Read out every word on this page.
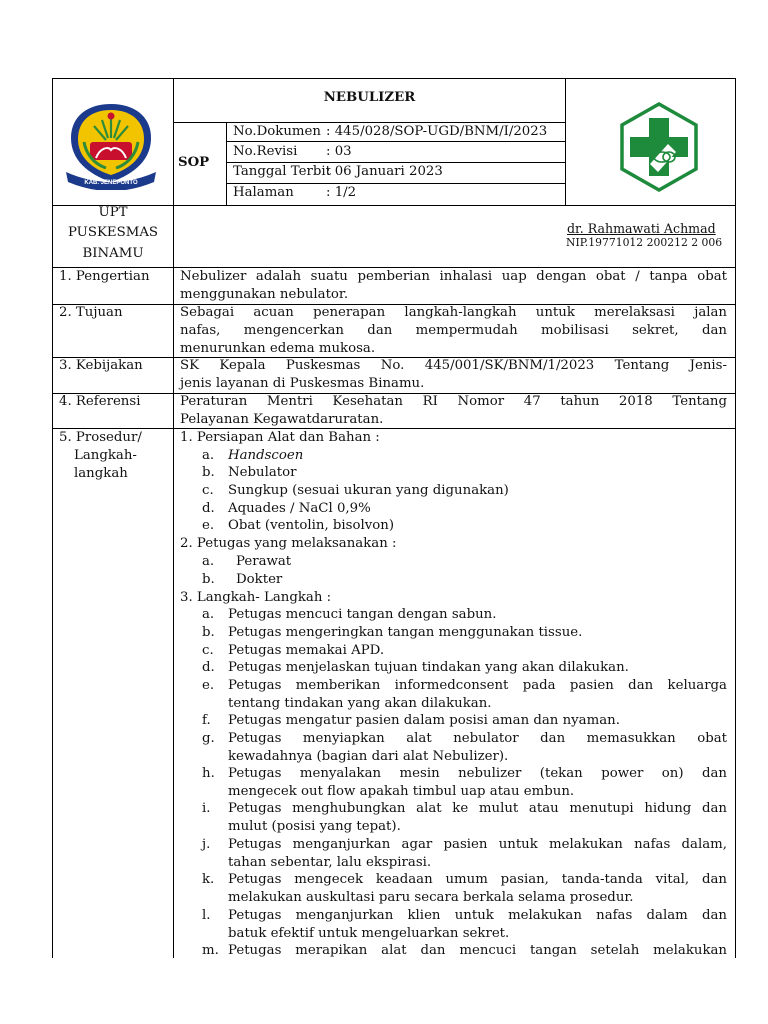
KAB. JENEPONTO
NEBULIZER
SOP
No.Dokumen : 445/028/SOP-UGD/BNM/I/2023
No.Revisi : 03
Tanggal Terbit
: 06 Januari 2023
Halaman : 1/2
UPT
PUSKESMAS
BINAMU
dr. Rahmawati Achmad
NIP.19771012 200212 2 006
1. Pengertian
2. Tujuan
3. Kebijakan
4. Referensi
5. Prosedur/
Langkah-
langkah
Nebulizer adalah suatu pemberian inhalasi uap dengan obat / tanpa obat
menggunakan nebulator.
Sebagai acuan penerapan langkah-langkah untuk merelaksasi jalan
nafas, mengencerkan dan mempermudah mobilisasi sekret, dan
menurunkan edema mukosa.
SK Kepala Puskesmas No. 445/001/SK/BNM/1/2023 Tentang Jenis-
jenis layanan di Puskesmas Binamu.
Peraturan Mentri Kesehatan RI Nomor 47 tahun 2018 Tentang
Pelayanan Kegawatdaruratan.
1. Persiapan Alat dan Bahan :
a. Handscoen
b. Nebulator
c. Sungkup (sesuai ukuran yang digunakan)
d. Aquades / NaCl 0,9%
e. Obat (ventolin, bisolvon)
2. Petugas yang melaksanakan :
a. Perawat
b. Dokter
3. Langkah- Langkah :
a. Petugas mencuci tangan dengan sabun.
b. Petugas mengeringkan tangan menggunakan tissue.
c. Petugas memakai APD.
d. Petugas menjelaskan tujuan tindakan yang akan dilakukan.
e. Petugas memberikan informedconsent pada pasien dan keluarga
tentang tindakan yang akan dilakukan.
f. Petugas mengatur pasien dalam posisi aman dan nyaman.
g. Petugas menyiapkan alat nebulator dan memasukkan obat
kewadahnya (bagian dari alat Nebulizer).
h. Petugas menyalakan mesin nebulizer (tekan power on) dan
mengecek out flow apakah timbul uap atau embun.
i. Petugas menghubungkan alat ke mulut atau menutupi hidung dan
mulut (posisi yang tepat).
j. Petugas menganjurkan agar pasien untuk melakukan nafas dalam,
tahan sebentar, lalu ekspirasi.
k. Petugas mengecek keadaan umum pasian, tanda-tanda vital, dan
melakukan auskultasi paru secara berkala selama prosedur.
l. Petugas menganjurkan klien untuk melakukan nafas dalam dan
batuk efektif untuk mengeluarkan sekret.
m. Petugas merapikan alat dan mencuci tangan setelah melakukan
